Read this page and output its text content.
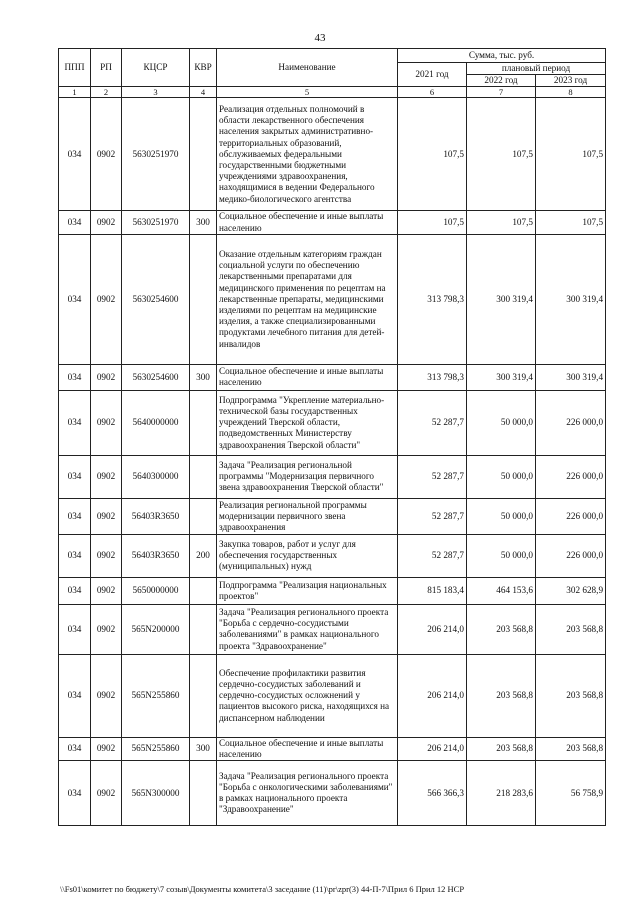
43
ППП	РП	КЦСР	КВР	Наименование	Сумма, тыс. руб.		
					2021 год	плановый период	
						2022 год	2023 год
1	2	3	4	5	6	7	8
034	0902	5630251970		Реализация отдельных полномочий в области лекарственного обеспечения населения закрытых административно-территориальных образований, обслуживаемых федеральными государственными бюджетными учреждениями здравоохранения, находящимися в ведении Федерального медико-биологического агентства	107,5	107,5	107,5
034	0902	5630251970	300	Социальное обеспечение и иные выплаты населению	107,5	107,5	107,5
034	0902	5630254600		Оказание отдельным категориям граждан социальной услуги по обеспечению лекарственными препаратами для медицинского применения по рецептам на лекарственные препараты, медицинскими изделиями по рецептам на медицинские изделия, а также специализированными продуктами лечебного питания для детей-инвалидов	313 798,3	300 319,4	300 319,4
034	0902	5630254600	300	Социальное обеспечение и иные выплаты населению	313 798,3	300 319,4	300 319,4
034	0902	5640000000		Подпрограмма "Укрепление материально-технической базы государственных учреждений Тверской области, подведомственных Министерству здравоохранения Тверской области"	52 287,7	50 000,0	226 000,0
034	0902	5640300000		Задача "Реализация региональной программы "Модернизация первичного звена здравоохранения Тверской области"	52 287,7	50 000,0	226 000,0
034	0902	56403R3650		Реализация региональной программы модернизации первичного звена здравоохранения	52 287,7	50 000,0	226 000,0
034	0902	56403R3650	200	Закупка товаров, работ и услуг для обеспечения государственных (муниципальных) нужд	52 287,7	50 000,0	226 000,0
034	0902	5650000000		Подпрограмма "Реализация национальных проектов"	815 183,4	464 153,6	302 628,9
034	0902	565N200000		Задача "Реализация регионального проекта "Борьба с сердечно-сосудистыми заболеваниями" в рамках национального проекта "Здравоохранение"	206 214,0	203 568,8	203 568,8
034	0902	565N255860		Обеспечение профилактики развития сердечно-сосудистых заболеваний и сердечно-сосудистых осложнений у пациентов высокого риска, находящихся на диспансерном наблюдении	206 214,0	203 568,8	203 568,8
034	0902	565N255860	300	Социальное обеспечение и иные выплаты населению	206 214,0	203 568,8	203 568,8
034	0902	565N300000		Задача "Реализация регионального проекта "Борьба с онкологическими заболеваниями" в рамках национального проекта "Здравоохранение"	566 366,3	218 283,6	56 758,9
\\Fs01\комитет по бюджету\7 созыв\Документы комитета\3 заседание (11)\pr\zpr(3) 44-П-7\Прил 6 Прил 12 НСР
